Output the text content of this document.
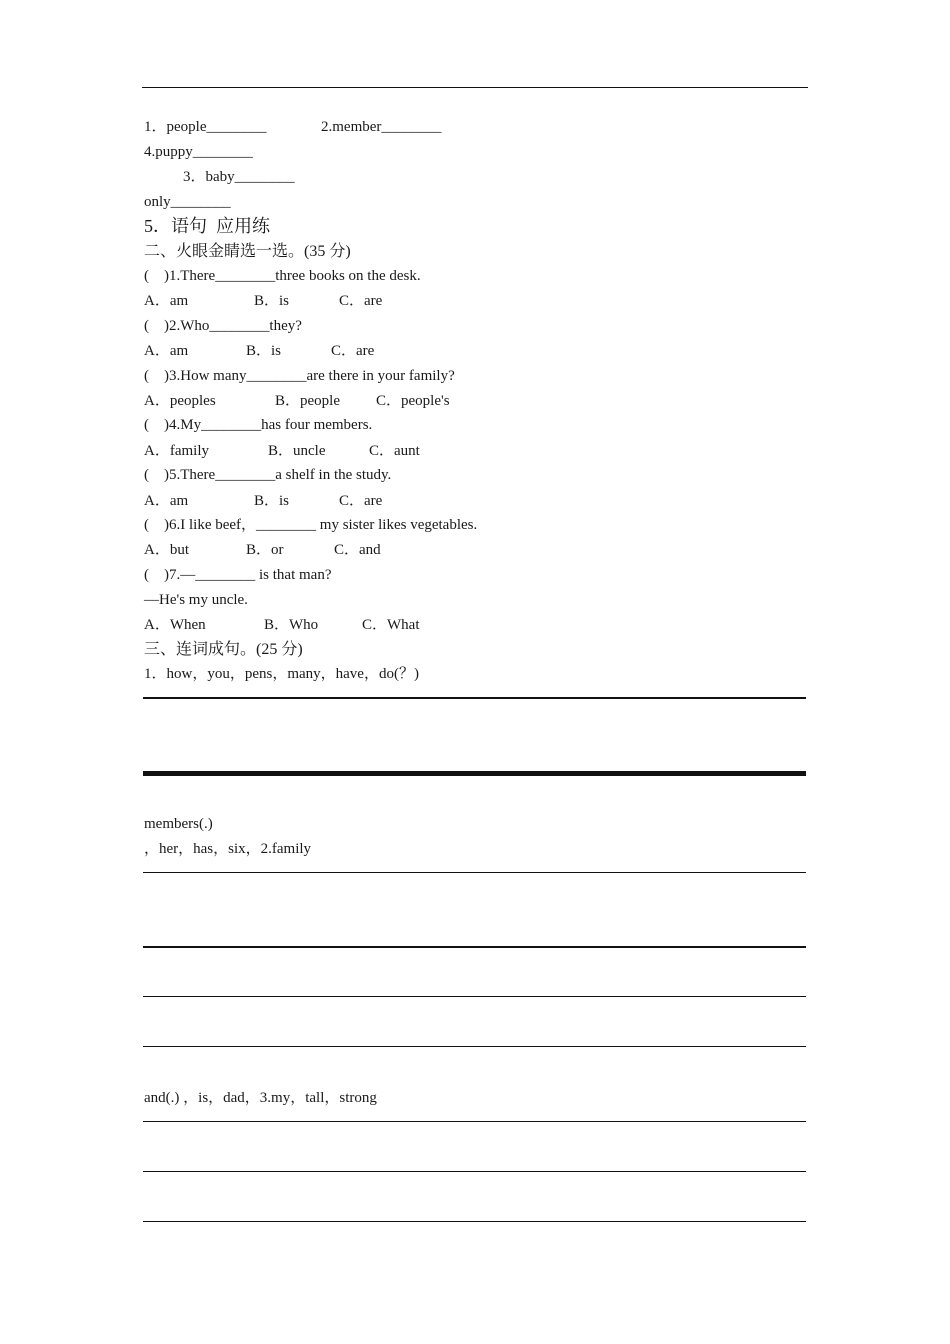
1．people________	2.member________
4.puppy________
3．baby________
only________
5．语句  应用练
二、火眼金睛选一选。(35 分)
(    )1.There________three books on the desk.
A．am	B．is	C．are
(    )2.Who________they?
A．am	B．is	C．are
(    )3.How many________are there in your family?
A．peoples	B．people C．people's
(    )4.My________has four members.
A．family	B．uncle	C．aunt
(    )5.There________a shelf in the study.
A．am	B．is	C．are
(    )6.I like beef，________ my sister likes vegetables.
A．but	B．or	C．and
(    )7.—________ is that man?
—He's my uncle.
A．When	B．Who	C．What
三、连词成句。(25 分)
1．how，you，pens，many，have，do(？)
members(.)
，her，has，six，2.family
and(.) ，is，dad，3.my，tall，strong
